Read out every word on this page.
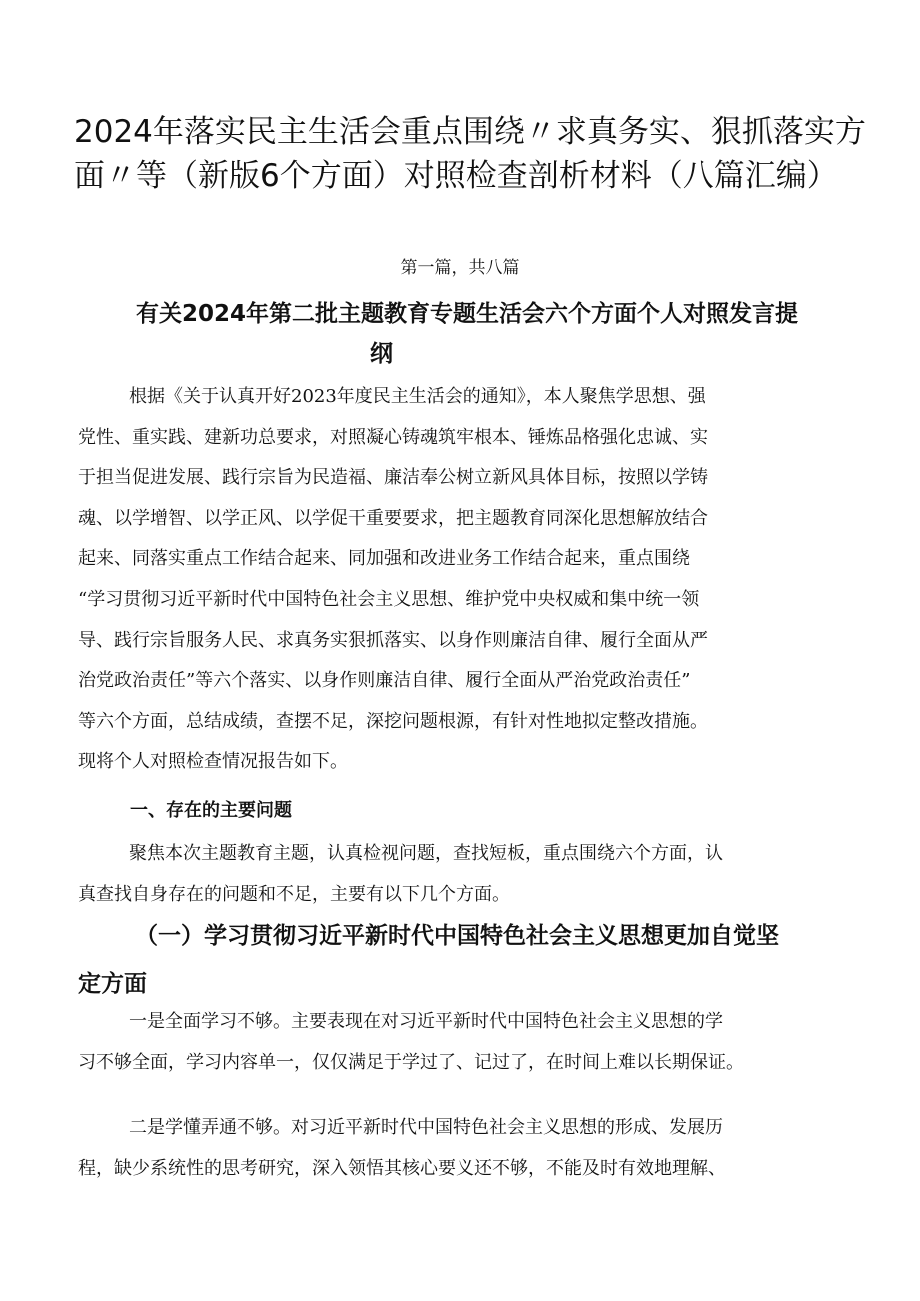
2024年落实民主生活会重点围绕〃求真务实、狠抓落实方
面〃等（新版6个方面）对照检查剖析材料（八篇汇编）

第一篇，共八篇

有关2024年第二批主题教育专题生活会六个方面个人对照发言提
纲
根据《关于认真开好2023年度民主生活会的通知》，本人聚焦学思想、强
党性、重实践、建新功总要求，对照凝心铸魂筑牢根本、锤炼品格强化忠诚、实
于担当促进发展、践行宗旨为民造福、廉洁奉公树立新风具体目标，按照以学铸
魂、以学增智、以学正风、以学促干重要要求，把主题教育同深化思想解放结合
起来、同落实重点工作结合起来、同加强和改进业务工作结合起来，重点围绕
“学习贯彻习近平新时代中国特色社会主义思想、维护党中央权威和集中统一领
导、践行宗旨服务人民、求真务实狠抓落实、以身作则廉洁自律、履行全面从严
治党政治责任”等六个落实、以身作则廉洁自律、履行全面从严治党政治责任”
等六个方面，总结成绩，查摆不足，深挖问题根源，有针对性地拟定整改措施。
现将个人对照检查情况报告如下。
一、存在的主要问题
聚焦本次主题教育主题，认真检视问题，查找短板，重点围绕六个方面，认
真查找自身存在的问题和不足，主要有以下几个方面。
（一）学习贯彻习近平新时代中国特色社会主义思想更加自觉坚
定方面
一是全面学习不够。主要表现在对习近平新时代中国特色社会主义思想的学
习不够全面，学习内容单一，仅仅满足于学过了、记过了，在时间上难以长期保证。
二是学懂弄通不够。对习近平新时代中国特色社会主义思想的形成、发展历
程，缺少系统性的思考研究，深入领悟其核心要义还不够，不能及时有效地理解、
